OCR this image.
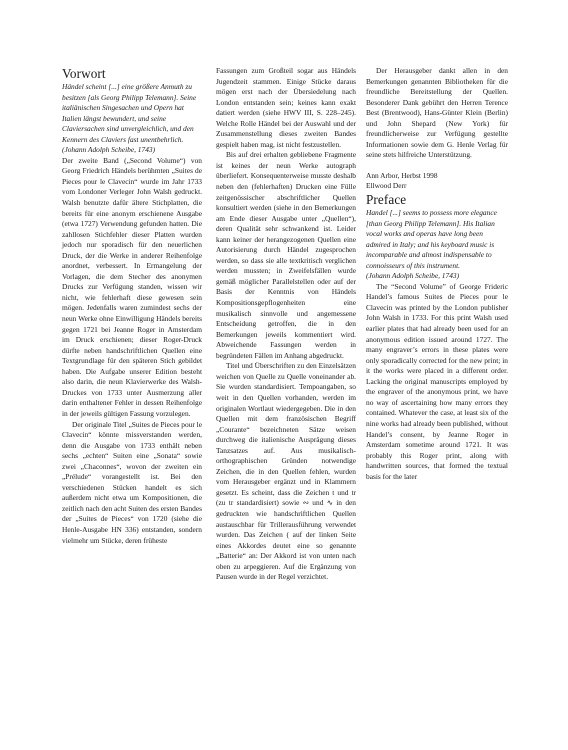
Vorwort

Händel scheint [...] eine größere Anmuth zu besitzen [als Georg Philipp Telemann]. Seine italiänischen Singesachen und Opern hat Italien längst bewundert, und seine Claviersachen sind unvergleichlich, und den Kennern des Claviers fast unentbehrlich.

(Johann Adolph Scheibe, 1743)

Der zweite Band („Second Volume“) von Georg Friedrich Händels berühmten „Suites de Pieces pour le Clavecin“ wurde im Jahr 1733 vom Londoner Verleger John Walsh gedruckt. Walsh benutzte dafür ältere Stichplatten, die bereits für eine anonym erschienene Ausgabe (etwa 1727) Verwendung gefunden hatten. Die zahllosen Stichfehler dieser Platten wurden jedoch nur sporadisch für den neuerlichen Druck, der die Werke in anderer Reihenfolge anordnet, verbessert. In Ermangelung der Vorlagen, die dem Stecher des anonymen Drucks zur Verfügung standen, wissen wir nicht, wie fehlerhaft diese gewesen sein mögen. Jedenfalls waren zumindest sechs der neun Werke ohne Einwilligung Händels bereits gegen 1721 bei Jeanne Roger in Amsterdam im Druck erschienen; dieser Roger-Druck dürfte neben handschriftlichen Quellen eine Textgrundlage für den späteren Stich gebildet haben. Die Aufgabe unserer Edition besteht also darin, die neun Klavierwerke des Walsh-Druckes von 1733 unter Ausmerzung aller darin enthaltener Fehler in dessen Reihenfolge in der jeweils gültigen Fassung vorzulegen.

Der originale Titel „Suites de Pieces pour le Clavecin“ könnte missverstanden werden, denn die Ausgabe von 1733 enthält neben sechs „echten“ Suiten eine „Sonata“ sowie zwei „Chaconnes“, wovon der zweiten ein „Prélude“ vorangestellt ist. Bei den verschiedenen Stücken handelt es sich außerdem nicht etwa um Kompositionen, die zeitlich nach den acht Suiten des ersten Bandes der „Suites de Pieces“ von 1720 (siehe die Henle-Ausgabe HN 336) entstanden, sondern vielmehr um Stücke, deren früheste

Fassungen zum Großteil sogar aus Händels Jugendzeit stammen. Einige Stücke daraus mögen erst nach der Übersiedelung nach London entstanden sein; keines kann exakt datiert werden (siehe HWV III, S. 228–245). Welche Rolle Händel bei der Auswahl und der Zusammenstellung dieses zweiten Bandes gespielt haben mag, ist nicht festzustellen.

Bis auf drei erhalten gebliebene Fragmente ist keines der neun Werke autograph überliefert. Konsequenterweise musste deshalb neben den (fehlerhaften) Drucken eine Fülle zeitgenössischer abschriftlicher Quellen konsultiert werden (siehe in den Bemerkungen am Ende dieser Ausgabe unter „Quellen“), deren Qualität sehr schwankend ist. Leider kann keiner der herangezogenen Quellen eine Autorisierung durch Händel zugesprochen werden, so dass sie alle textkritisch verglichen werden mussten; in Zweifelsfällen wurde gemäß möglicher Parallelstellen oder auf der Basis der Kenntnis von Händels Kompositionsgepflogenheiten eine musikalisch sinnvolle und angemessene Entscheidung getroffen, die in den Bemerkungen jeweils kommentiert wird. Abweichende Fassungen werden in begründeten Fällen im Anhang abgedruckt.

Titel und Überschriften zu den Einzelsätzen weichen von Quelle zu Quelle voneinander ab. Sie wurden standardisiert. Tempoangaben, so weit in den Quellen vorhanden, werden im originalen Wortlaut wiedergegeben. Die in den Quellen mit dem französischen Begriff „Courante“ bezeichneten Sätze weisen durchweg die italienische Ausprägung dieses Tanzsatzes auf. Aus musikalisch-orthographischen Gründen notwendige Zeichen, die in den Quellen fehlen, wurden vom Herausgeber ergänzt und in Klammern gesetzt. Es scheint, dass die Zeichen t und tr (zu tr standardisiert) sowie ∾ und ∿ in den gedruckten wie handschriftlichen Quellen austauschbar für Trillerausführung verwendet wurden. Das Zeichen ( auf der linken Seite eines Akkordes deutet eine so genannte „Batterie“ an: Der Akkord ist von unten nach oben zu arpeggieren. Auf die Ergänzung von Pausen wurde in der Regel verzichtet.

Der Herausgeber dankt allen in den Bemerkungen genannten Bibliotheken für die freundliche Bereitstellung der Quellen. Besonderer Dank gebührt den Herren Terence Best (Brentwood), Hans-Günter Klein (Berlin) und John Shepard (New York) für freundlicherweise zur Verfügung gestellte Informationen sowie dem G. Henle Verlag für seine stets hilfreiche Unterstützung.

Ann Arbor, Herbst 1998

Ellwood Derr

Preface

Handel [...] seems to possess more elegance [than Georg Philipp Telemann]. His Italian vocal works and operas have long been admired in Italy; and his keyboard music is incomparable and almost indispensable to connoisseurs of this instrument.

(Johann Adolph Scheibe, 1743)

The “Second Volume” of George Frideric Handel’s famous Suites de Pieces pour le Clavecin was printed by the London publisher John Walsh in 1733. For this print Walsh used earlier plates that had already been used for an anonymous edition issued around 1727. The many engraver’s errors in these plates were only sporadically corrected for the new print; in it the works were placed in a different order. Lacking the original manuscripts employed by the engraver of the anonymous print, we have no way of ascertaining how many errors they contained. Whatever the case, at least six of the nine works had already been published, without Handel’s consent, by Jeanne Roger in Amsterdam sometime around 1721. It was probably this Roger print, along with handwritten sources, that formed the textual basis for the later
